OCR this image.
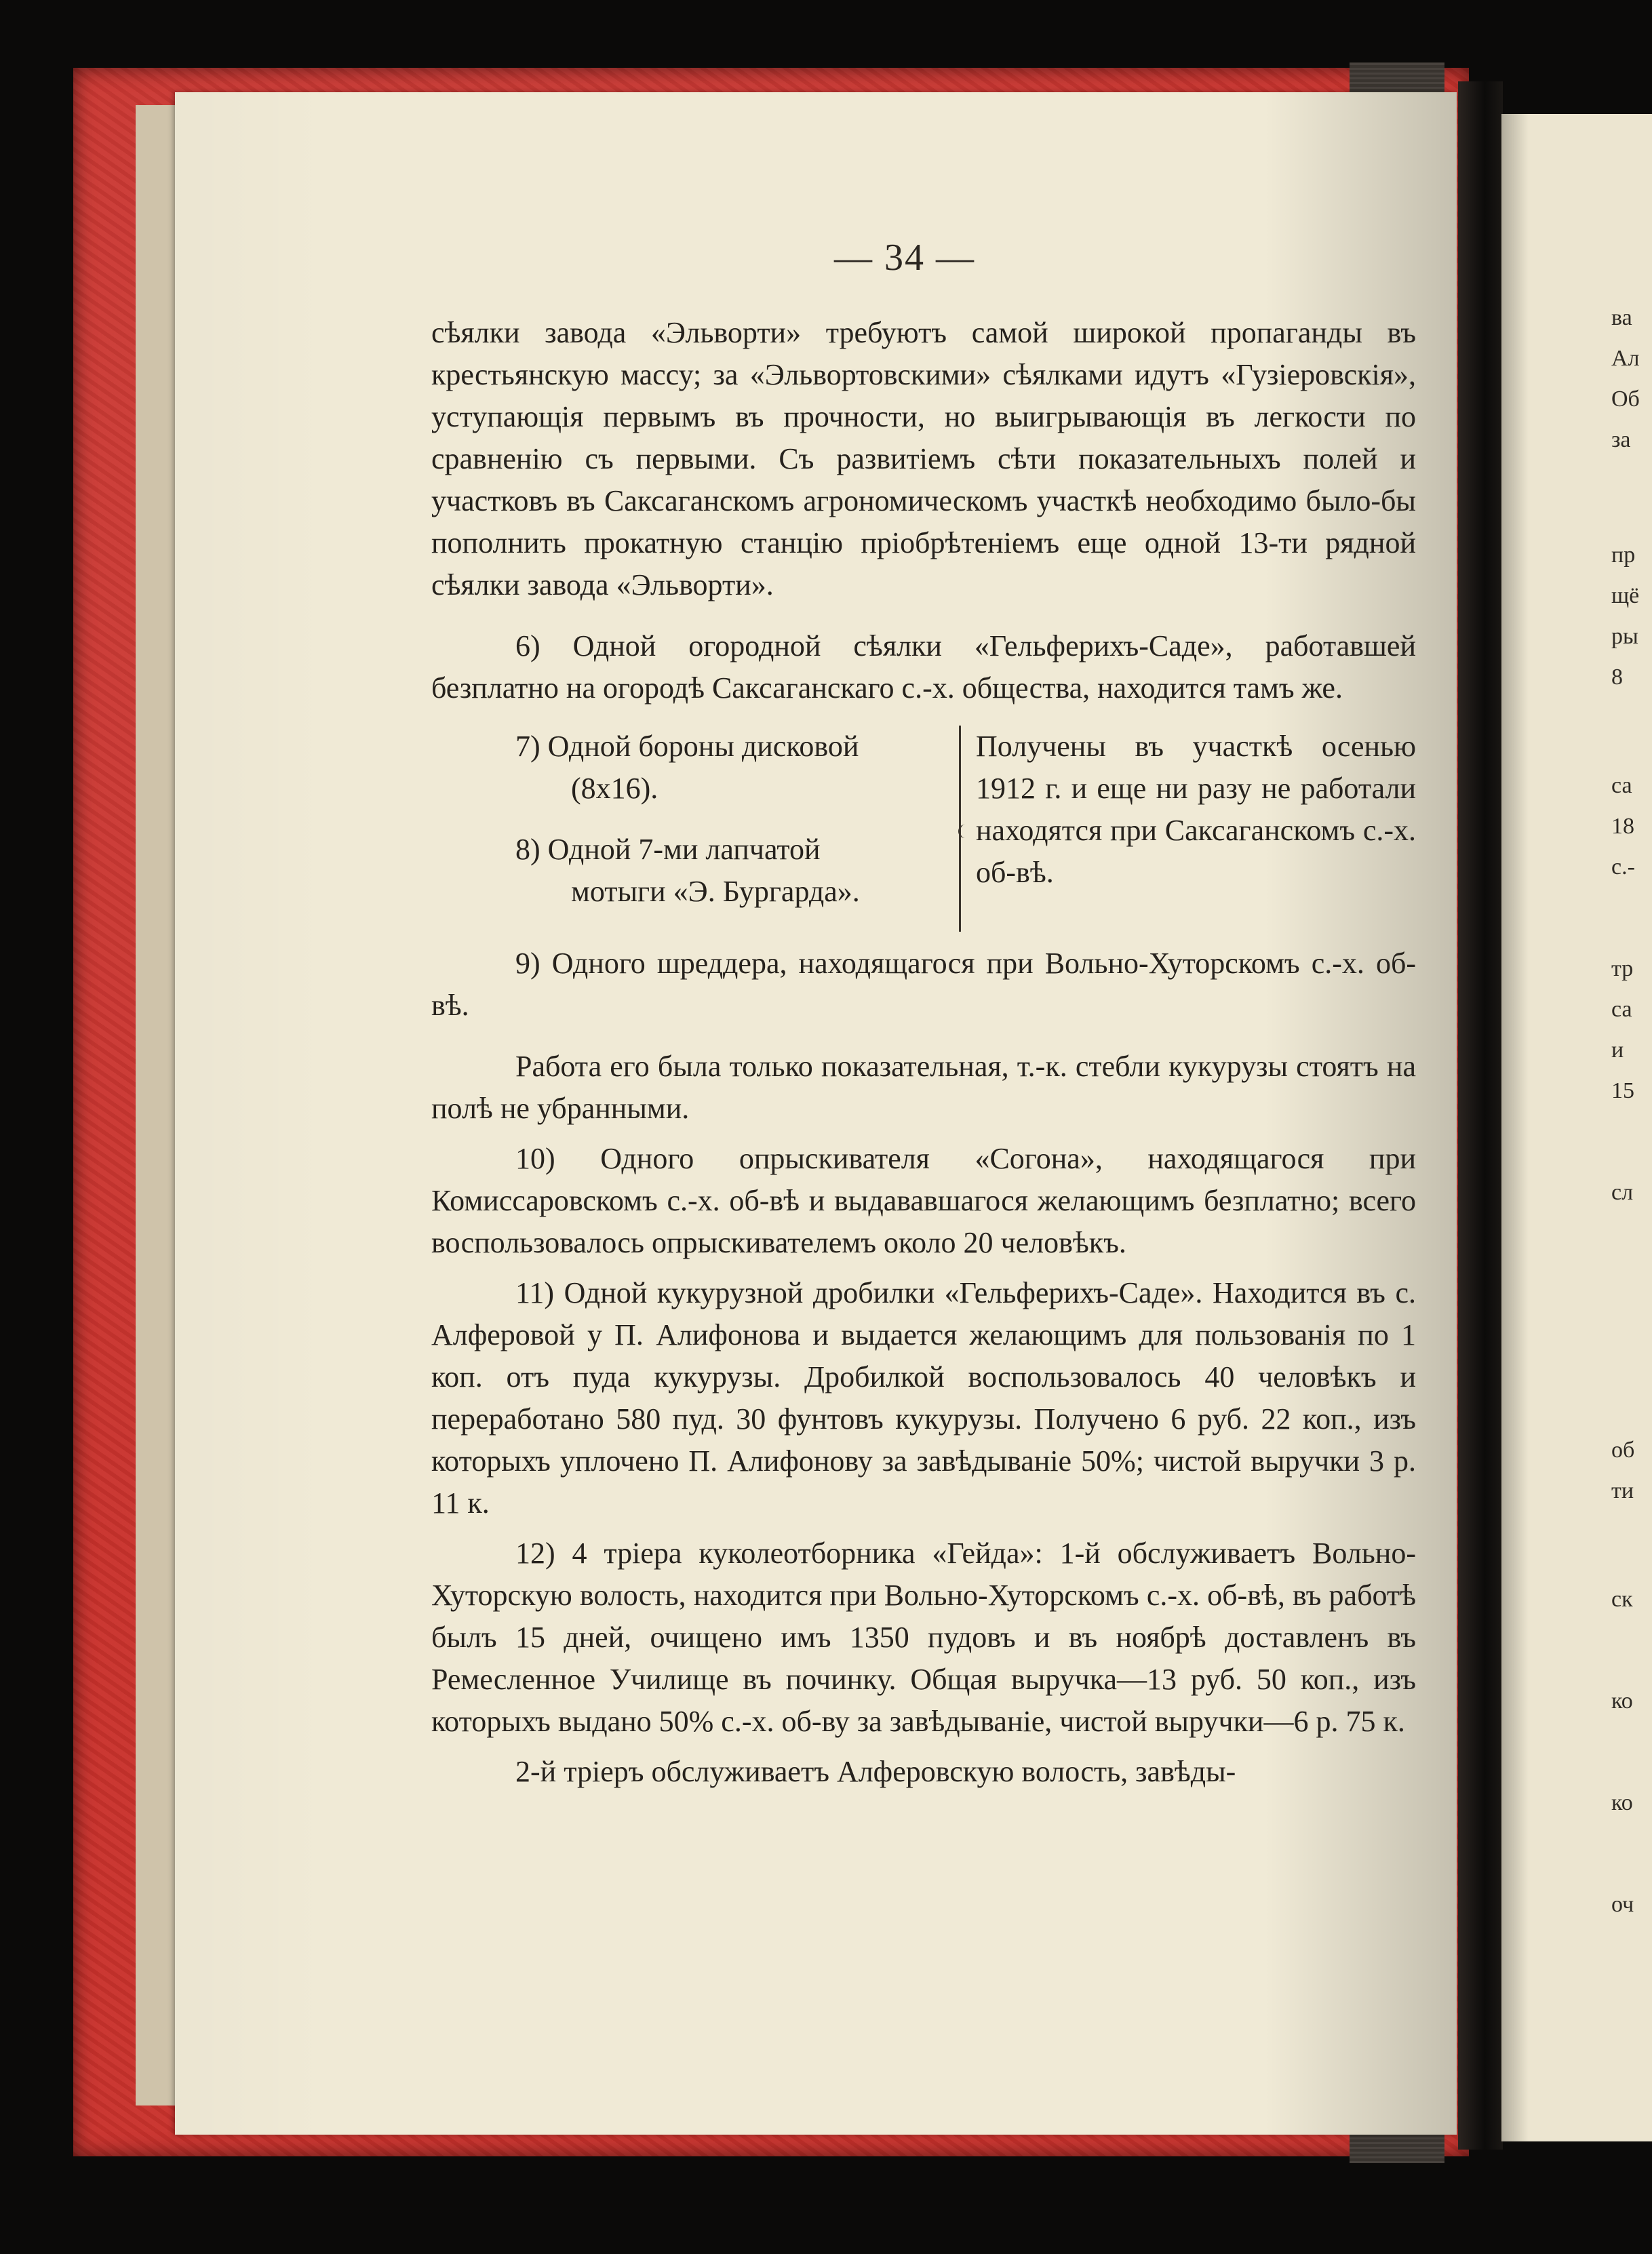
ва
Ал
Об
за
пр
щё
ры
8
са
18
с.-
тр
са
и
15
сл
об
ти
ск
ко
ко
оч
— 34 —

сѣялки завода «Эльворти» требуютъ самой широкой пропаганды въ крестьянскую массу; за «Эльвортовскими» сѣялками идутъ «Гузіеровскія», уступающія первымъ въ прочности, но выигрывающія въ легкости по сравненію съ первыми. Съ развитіемъ сѣти показательныхъ полей и участковъ въ Саксаганскомъ агрономическомъ участкѣ необходимо было-бы пополнить прокатную станцію пріобрѣтеніемъ еще одной 13-ти рядной сѣялки завода «Эльворти».

6) Одной огородной сѣялки «Гельферихъ-Саде», работавшей безплатно на огородѣ Саксаганскаго с.-х. общества, находится тамъ же.

7) Одной бороны дисковой

(8х16).

8) Одной 7-ми лапчатой

мотыги «Э. Бургарда».

Получены въ участкѣ осенью 1912 г. и еще ни разу не работали находятся при Саксаганскомъ с.-х. об-вѣ.

9) Одного шреддера, находящагося при Вольно-Хуторскомъ с.-х. об-вѣ.

Работа его была только показательная, т.-к. стебли кукурузы стоятъ на полѣ не убранными.

10) Одного опрыскивателя «Согона», находящагося при Комиссаровскомъ с.-х. об-вѣ и выдававшагося желающимъ безплатно; всего воспользовалось опрыскивателемъ около 20 человѣкъ.

11) Одной кукурузной дробилки «Гельферихъ-Саде». Находится въ с. Алферовой у П. Алифонова и выдается желающимъ для пользованія по 1 коп. отъ пуда кукурузы. Дробилкой воспользовалось 40 человѣкъ и переработано 580 пуд. 30 фунтовъ кукурузы. Получено 6 руб. 22 коп., изъ которыхъ уплочено П. Алифонову за завѣдываніе 50%; чистой выручки 3 р. 11 к.

12) 4 тріера куколеотборника «Гейда»: 1-й обслуживаетъ Вольно-Хуторскую волость, находится при Вольно-Хуторскомъ с.-х. об-вѣ, въ работѣ былъ 15 дней, очищено имъ 1350 пудовъ и въ ноябрѣ доставленъ въ Ремесленное Училище въ починку. Общая выручка—13 руб. 50 коп., изъ которыхъ выдано 50% с.-х. об-ву за завѣдываніе, чистой выручки—6 р. 75 к.

2-й тріеръ обслуживаетъ Алферовскую волость, завѣды-
